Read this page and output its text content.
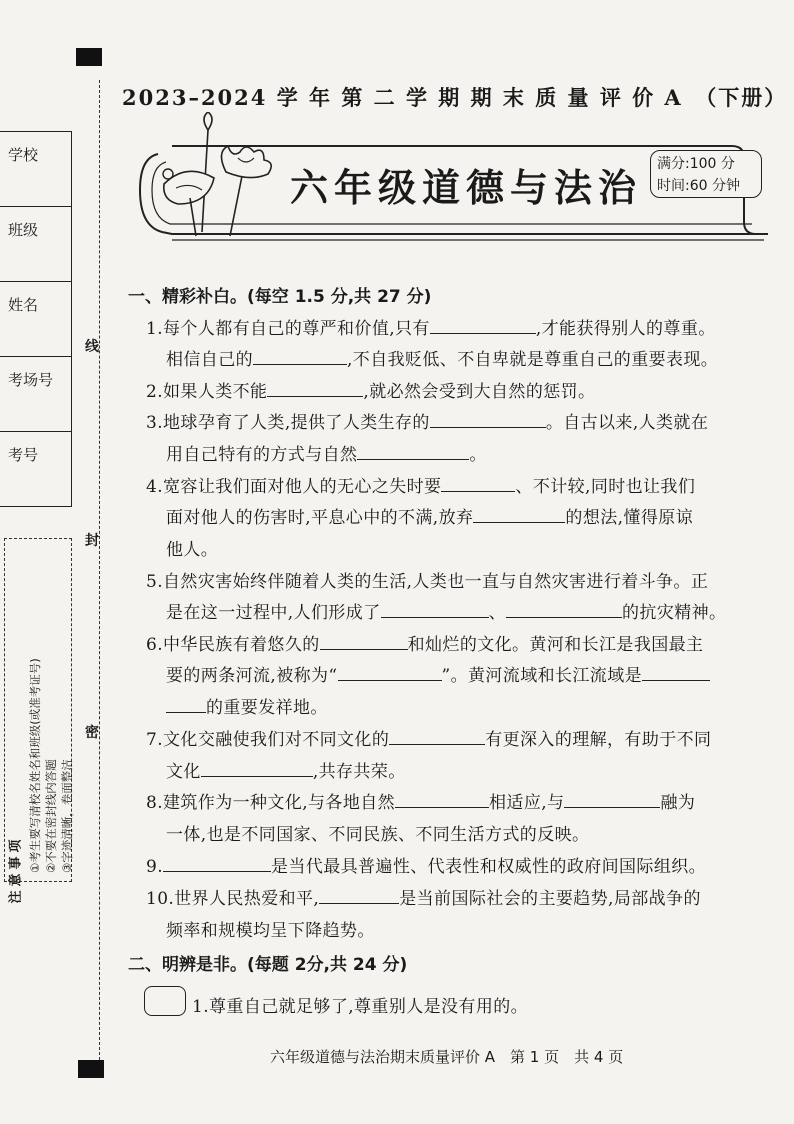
学校
班级
姓名
考场号
考号
线
封
密
注意事项 ①考生要写清校名姓名和班级(或准考证号) ②不要在密封线内答题 ③字迹清晰，卷面整洁
2023–2024 学 年 第 二 学 期 期 末 质 量 评 价 A　（下册）
六年级道德与法治
满分:100 分
时间:60 分钟
一、精彩补白。(每空 1.5 分,共 27 分)
1.每个人都有自己的尊严和价值,只有	,才能获得别人的尊重。
相信自己的	,不自我贬低、不自卑就是尊重自己的重要表现。
2.如果人类不能	,就必然会受到大自然的惩罚。
3.地球孕育了人类,提供了人类生存的	。自古以来,人类就在
用自己特有的方式与自然	。
4.宽容让我们面对他人的无心之失时要	、不计较,同时也让我们
面对他人的伤害时,平息心中的不满,放弃	的想法,懂得原谅
他人。
5.自然灾害始终伴随着人类的生活,人类也一直与自然灾害进行着斗争。正
是在这一过程中,人们形成了	、	的抗灾精神。
6.中华民族有着悠久的	和灿烂的文化。黄河和长江是我国最主
要的两条河流,被称为“	”。黄河流域和长江流域是
的重要发祥地。
7.文化交融使我们对不同文化的	有更深入的理解，有助于不同
文化	,共存共荣。
8.建筑作为一种文化,与各地自然	相适应,与	融为
一体,也是不同国家、不同民族、不同生活方式的反映。
9.	是当代最具普遍性、代表性和权威性的政府间国际组织。
10.世界人民热爱和平,	是当前国际社会的主要趋势,局部战争的
频率和规模均呈下降趋势。
二、明辨是非。(每题 2分,共 24 分)
1.尊重自己就足够了,尊重别人是没有用的。
六年级道德与法治期末质量评价 A　第 1 页　共 4 页
